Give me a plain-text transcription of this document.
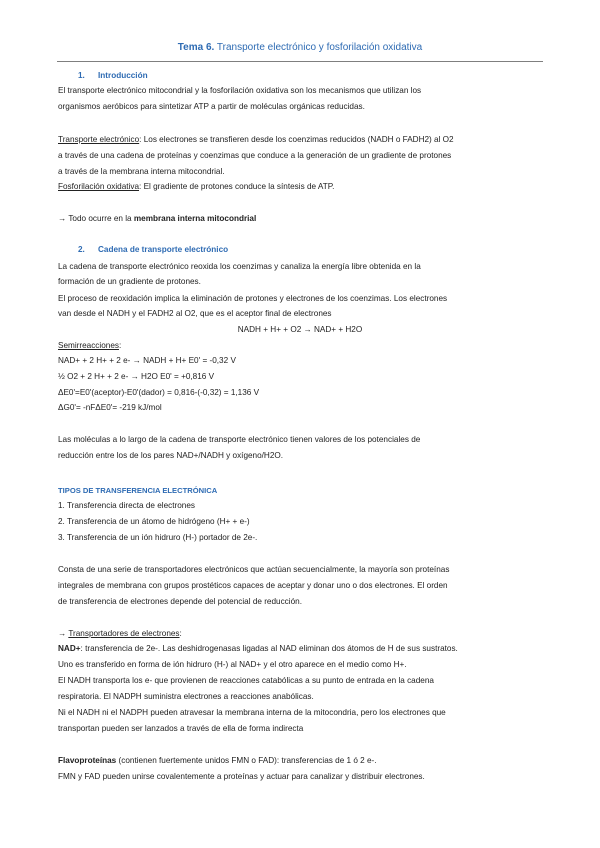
Tema 6. Transporte electrónico y fosforilación oxidativa
1. Introducción
El transporte electrónico mitocondrial y la fosforilación oxidativa son los mecanismos que utilizan los
organismos aeróbicos para sintetizar ATP a partir de moléculas orgánicas reducidas.
Transporte electrónico: Los electrones se transfieren desde los coenzimas reducidos (NADH o FADH2) al O2
a través de una cadena de proteínas y coenzimas que conduce a la generación de un gradiente de protones
a través de la membrana interna mitocondrial.
Fosforilación oxidativa: El gradiente de protones conduce la síntesis de ATP.
→ Todo ocurre en la membrana interna mitocondrial
2. Cadena de transporte electrónico
La cadena de transporte electrónico reoxida los coenzimas y canaliza la energía libre obtenida en la
formación de un gradiente de protones.
El proceso de reoxidación implica la eliminación de protones y electrones de los coenzimas. Los electrones
van desde el NADH y el FADH2 al O2, que es el aceptor final de electrones
NADH + H+ + O2 → NAD+ + H2O
Semirreacciones:
NAD+ + 2 H+ + 2 e- → NADH + H+ E0' = -0,32 V
½ O2 + 2 H+ + 2 e- → H2O E0' = +0,816 V
ΔE0'=E0'(aceptor)-E0'(dador) = 0,816-(-0,32) = 1,136 V
ΔG0'= -nFΔE0'= -219 kJ/mol
Las moléculas a lo largo de la cadena de transporte electrónico tienen valores de los potenciales de
reducción entre los de los pares NAD+/NADH y oxígeno/H2O.
TIPOS DE TRANSFERENCIA ELECTRÓNICA
1. Transferencia directa de electrones
2. Transferencia de un átomo de hidrógeno (H+ + e-)
3. Transferencia de un ión hidruro (H-) portador de 2e-.
Consta de una serie de transportadores electrónicos que actúan secuencialmente, la mayoría son proteínas
integrales de membrana con grupos prostéticos capaces de aceptar y donar uno o dos electrones. El orden
de transferencia de electrones depende del potencial de reducción.
→ Transportadores de electrones:
NAD+: transferencia de 2e-. Las deshidrogenasas ligadas al NAD eliminan dos átomos de H de sus sustratos.
Uno es transferido en forma de ión hidruro (H-) al NAD+ y el otro aparece en el medio como H+.
El NADH transporta los e- que provienen de reacciones catabólicas a su punto de entrada en la cadena
respiratoria. El NADPH suministra electrones a reacciones anabólicas.
Ni el NADH ni el NADPH pueden atravesar la membrana interna de la mitocondria, pero los electrones que
transportan pueden ser lanzados a través de ella de forma indirecta
Flavoproteínas (contienen fuertemente unidos FMN o FAD): transferencias de 1 ó 2 e-.
FMN y FAD pueden unirse covalentemente a proteínas y actuar para canalizar y distribuir electrones.
